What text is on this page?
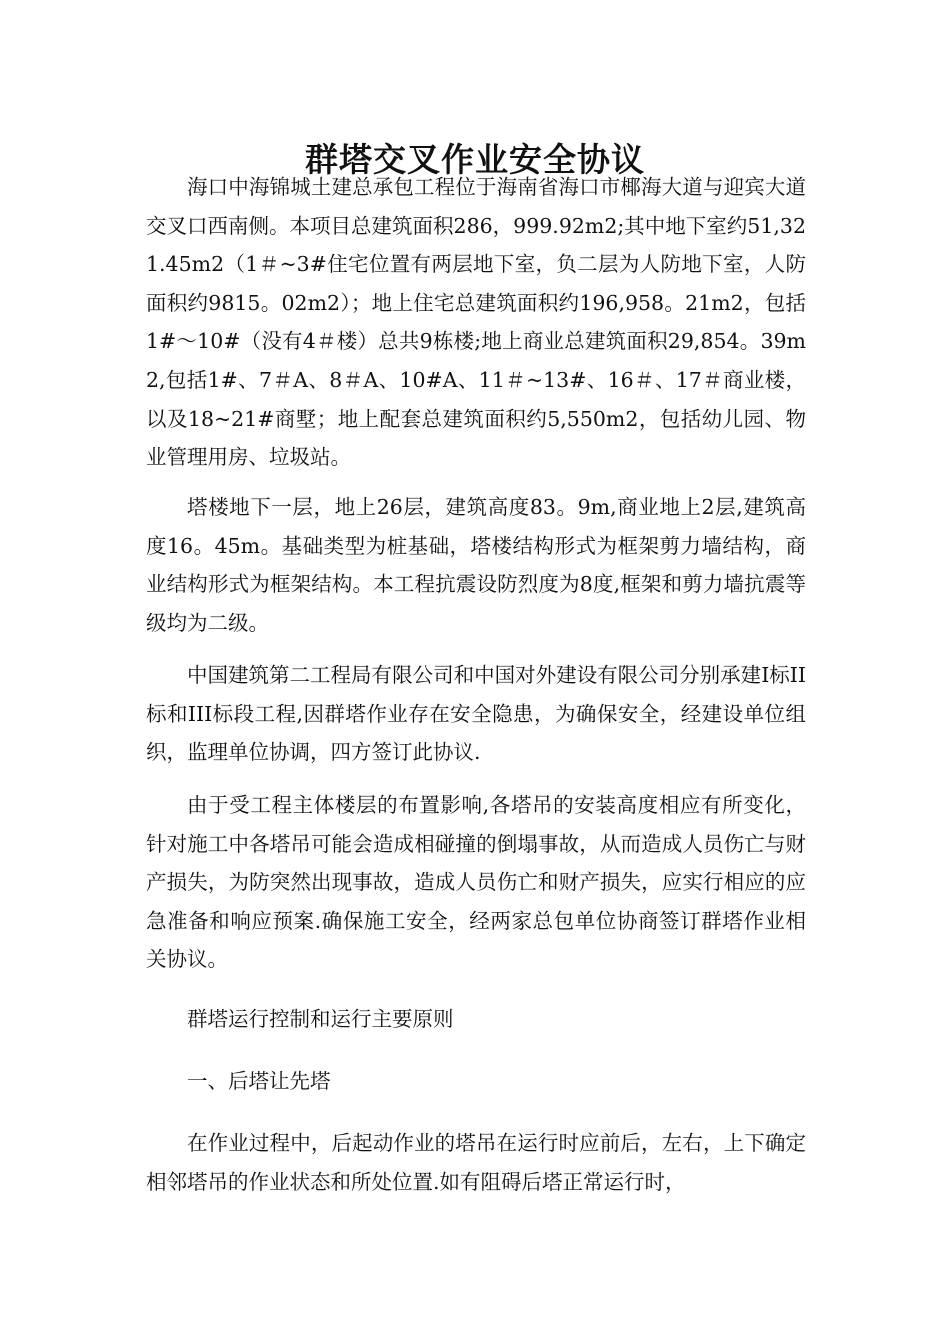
群塔交叉作业安全协议

海口中海锦城土建总承包工程位于海南省海口市椰海大道与迎宾大道交叉口西南侧。本项目总建筑面积286，999.92m2;其中地下室约51,321.45m2（1＃~3#住宅位置有两层地下室，负二层为人防地下室，人防面积约9815。02m2）；地上住宅总建筑面积约196,958。21m2，包括1#～10#（没有4＃楼）总共9栋楼;地上商业总建筑面积29,854。39m2,包括1#、7＃A、8＃A、10#A、11＃~13#、16＃、17＃商业楼，以及18~21#商墅；地上配套总建筑面积约5,550m2，包括幼儿园、物业管理用房、垃圾站。

塔楼地下一层，地上26层，建筑高度83。9m,商业地上2层,建筑高度16。45m。基础类型为桩基础，塔楼结构形式为框架剪力墙结构，商业结构形式为框架结构。本工程抗震设防烈度为8度,框架和剪力墙抗震等级均为二级。

中国建筑第二工程局有限公司和中国对外建设有限公司分别承建I标II标和III标段工程,因群塔作业存在安全隐患，为确保安全，经建设单位组织，监理单位协调，四方签订此协议.

由于受工程主体楼层的布置影响,各塔吊的安装高度相应有所变化，针对施工中各塔吊可能会造成相碰撞的倒塌事故，从而造成人员伤亡与财产损失，为防突然出现事故，造成人员伤亡和财产损失，应实行相应的应急准备和响应预案.确保施工安全，经两家总包单位协商签订群塔作业相关协议。

群塔运行控制和运行主要原则

一、后塔让先塔

在作业过程中，后起动作业的塔吊在运行时应前后，左右，上下确定相邻塔吊的作业状态和所处位置.如有阻碍后塔正常运行时，
